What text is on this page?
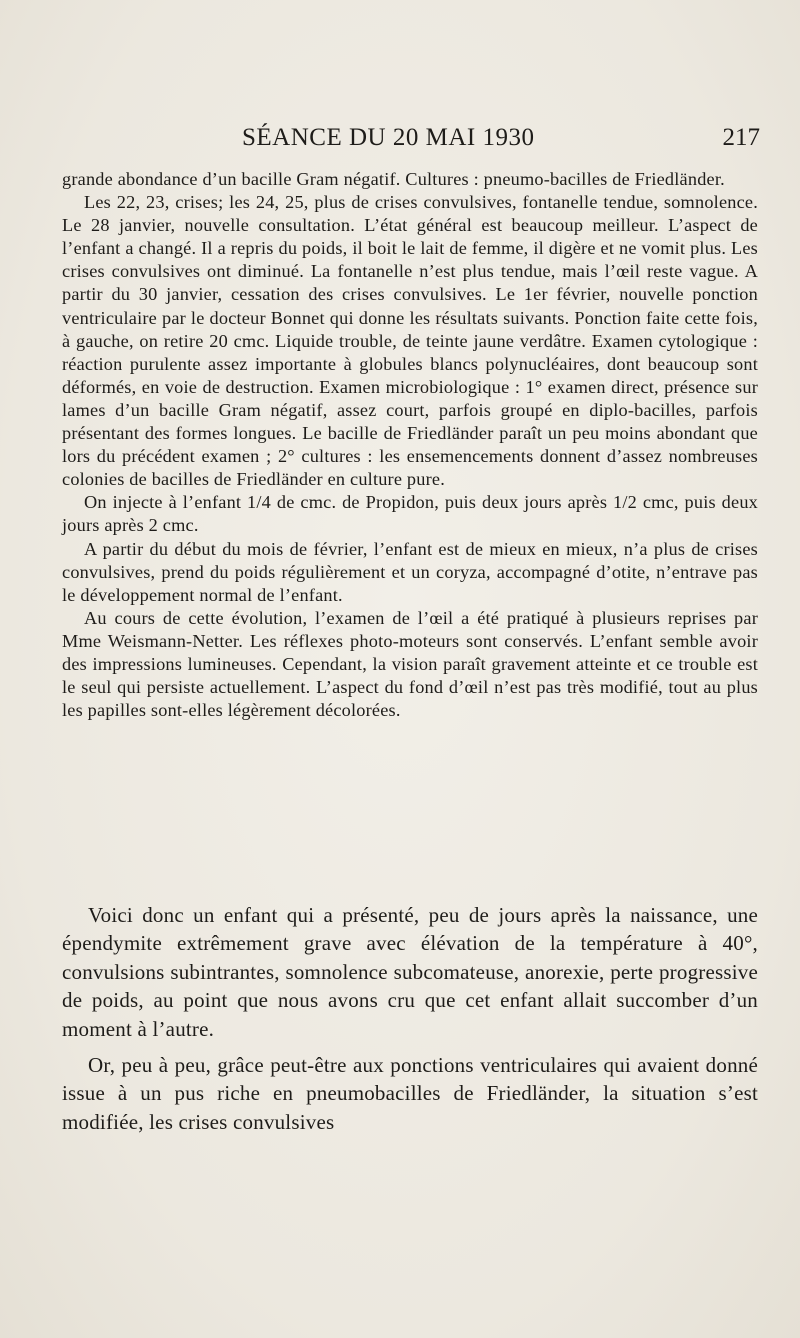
SÉANCE DU 20 MAI 1930	217

grande abondance d’un bacille Gram négatif. Cultures : pneumo-bacilles de Friedländer.

Les 22, 23, crises; les 24, 25, plus de crises convulsives, fontanelle tendue, somnolence. Le 28 janvier, nouvelle consultation. L’état général est beaucoup meilleur. L’aspect de l’enfant a changé. Il a repris du poids, il boit le lait de femme, il digère et ne vomit plus. Les crises convulsives ont diminué. La fontanelle n’est plus tendue, mais l’œil reste vague. A partir du 30 janvier, cessation des crises convulsives. Le 1er février, nouvelle ponction ventriculaire par le docteur Bonnet qui donne les résultats suivants. Ponction faite cette fois, à gauche, on retire 20 cmc. Liquide trouble, de teinte jaune verdâtre. Examen cytologique : réaction purulente assez importante à globules blancs polynucléaires, dont beaucoup sont déformés, en voie de destruction. Examen microbiologique : 1° examen direct, présence sur lames d’un bacille Gram négatif, assez court, parfois groupé en diplo-bacilles, parfois présentant des formes longues. Le bacille de Friedländer paraît un peu moins abondant que lors du précédent examen ; 2° cultures : les ensemencements donnent d’assez nombreuses colonies de bacilles de Friedländer en culture pure.

On injecte à l’enfant 1/4 de cmc. de Propidon, puis deux jours après 1/2 cmc, puis deux jours après 2 cmc.

A partir du début du mois de février, l’enfant est de mieux en mieux, n’a plus de crises convulsives, prend du poids régulièrement et un coryza, accompagné d’otite, n’entrave pas le développement normal de l’enfant.

Au cours de cette évolution, l’examen de l’œil a été pratiqué à plusieurs reprises par Mme Weismann-Netter. Les réflexes photo-moteurs sont conservés. L’enfant semble avoir des impressions lumineuses. Cependant, la vision paraît gravement atteinte et ce trouble est le seul qui persiste actuellement. L’aspect du fond d’œil n’est pas très modifié, tout au plus les papilles sont-elles légèrement décolorées.

Voici donc un enfant qui a présenté, peu de jours après la naissance, une épendymite extrêmement grave avec élévation de la température à 40°, convulsions subintrantes, somnolence subcomateuse, anorexie, perte progressive de poids, au point que nous avons cru que cet enfant allait succomber d’un moment à l’autre.

Or, peu à peu, grâce peut-être aux ponctions ventriculaires qui avaient donné issue à un pus riche en pneumobacilles de Friedländer, la situation s’est modifiée, les crises convulsives
